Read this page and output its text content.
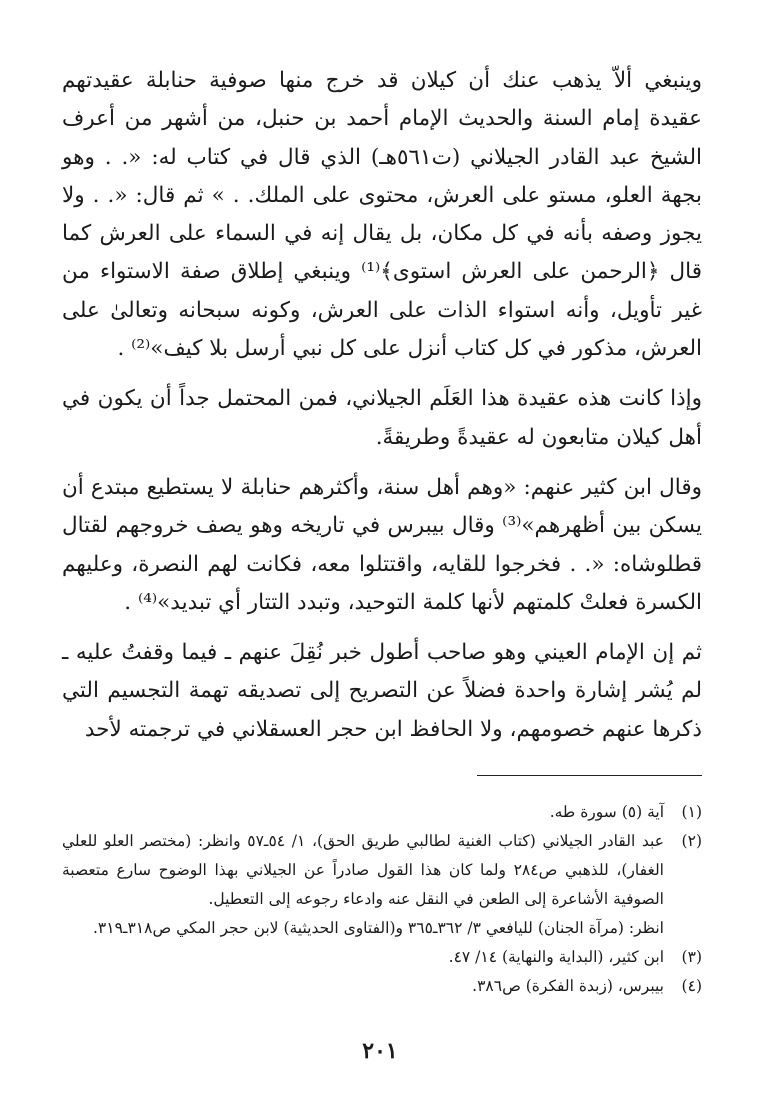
وينبغي ألاّ يذهب عنك أن كيلان قد خرج منها صوفية حنابلة عقيدتهم عقيدة إمام السنة والحديث الإمام أحمد بن حنبل، من أشهر من أعرف الشيخ عبد القادر الجيلاني (ت٥٦١هـ) الذي قال في كتاب له: «. . وهو بجهة العلو، مستو على العرش، محتوى على الملك. . » ثم قال: «. . ولا يجوز وصفه بأنه في كل مكان، بل يقال إنه في السماء على العرش كما قال ﴿الرحمن على العرش استوى﴾⁽¹⁾ وينبغي إطلاق صفة الاستواء من غير تأويل، وأنه استواء الذات على العرش، وكونه سبحانه وتعالىٰ على العرش، مذكور في كل كتاب أنزل على كل نبي أرسل بلا كيف»⁽²⁾ .

وإذا كانت هذه عقيدة هذا العَلَم الجيلاني، فمن المحتمل جداً أن يكون في أهل كيلان متابعون له عقيدةً وطريقةً.

وقال ابن كثير عنهم: «وهم أهل سنة، وأكثرهم حنابلة لا يستطيع مبتدع أن يسكن بين أظهرهم»⁽³⁾ وقال بيبرس في تاريخه وهو يصف خروجهم لقتال قطلوشاه: «. . فخرجوا للقايه، واقتتلوا معه، فكانت لهم النصرة، وعليهم الكسرة فعلتْ كلمتهم لأنها كلمة التوحيد، وتبدد التتار أي تبديد»⁽⁴⁾ .

ثم إن الإمام العيني وهو صاحب أطول خبر نُقِلَ عنهم ـ فيما وقفتُ عليه ـ لم يُشر إشارة واحدة فضلاً عن التصريح إلى تصديقه تهمة التجسيم التي ذكرها عنهم خصومهم، ولا الحافظ ابن حجر العسقلاني في ترجمته لأحد

(١)
آية (٥) سورة طه.
(٢)
عبد القادر الجيلاني (كتاب الغنية لطالبي طريق الحق)، ١/ ٥٤ـ٥٧ وانظر: (مختصر العلو للعلي الغفار)، للذهبي ص٢٨٤ ولما كان هذا القول صادراً عن الجيلاني بهذا الوضوح سارع متعصبة الصوفية الأشاعرة إلى الطعن في النقل عنه وادعاء رجوعه إلى التعطيل.
انظر: (مرآة الجنان) لليافعي ٣/ ٣٦٢ـ٣٦٥ و(الفتاوى الحديثية) لابن حجر المكي ص٣١٨ـ٣١٩.
(٣)
ابن كثير، (البداية والنهاية) ١٤/ ٤٧.
(٤)
بيبرس، (زبدة الفكرة) ص٣٨٦.
٢٠١
